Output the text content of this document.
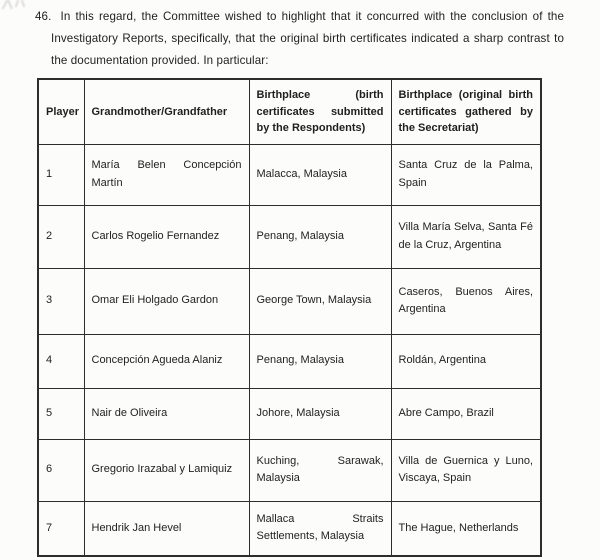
46. In this regard, the Committee wished to highlight that it concurred with the conclusion of the Investigatory Reports, specifically, that the original birth certificates indicated a sharp contrast to the documentation provided. In particular:
Player	Grandmother/Grandfather	Birthplace (birth certificates submitted by the Respondents)	Birthplace (original birth certificates gathered by the Secretariat)
1	María Belen Concepción Martín	Malacca, Malaysia	Santa Cruz de la Palma, Spain
2	Carlos Rogelio Fernandez	Penang, Malaysia	Villa María Selva, Santa Fé de la Cruz, Argentina
3	Omar Eli Holgado Gardon	George Town, Malaysia	Caseros, Buenos Aires, Argentina
4	Concepción Agueda Alaniz	Penang, Malaysia	Roldán, Argentina
5	Nair de Oliveira	Johore, Malaysia	Abre Campo, Brazil
6	Gregorio Irazabal y Lamiquiz	Kuching, Sarawak, Malaysia	Villa de Guernica y Luno, Viscaya, Spain
7	Hendrik Jan Hevel	Mallaca Straits Settlements, Malaysia	The Hague, Netherlands
